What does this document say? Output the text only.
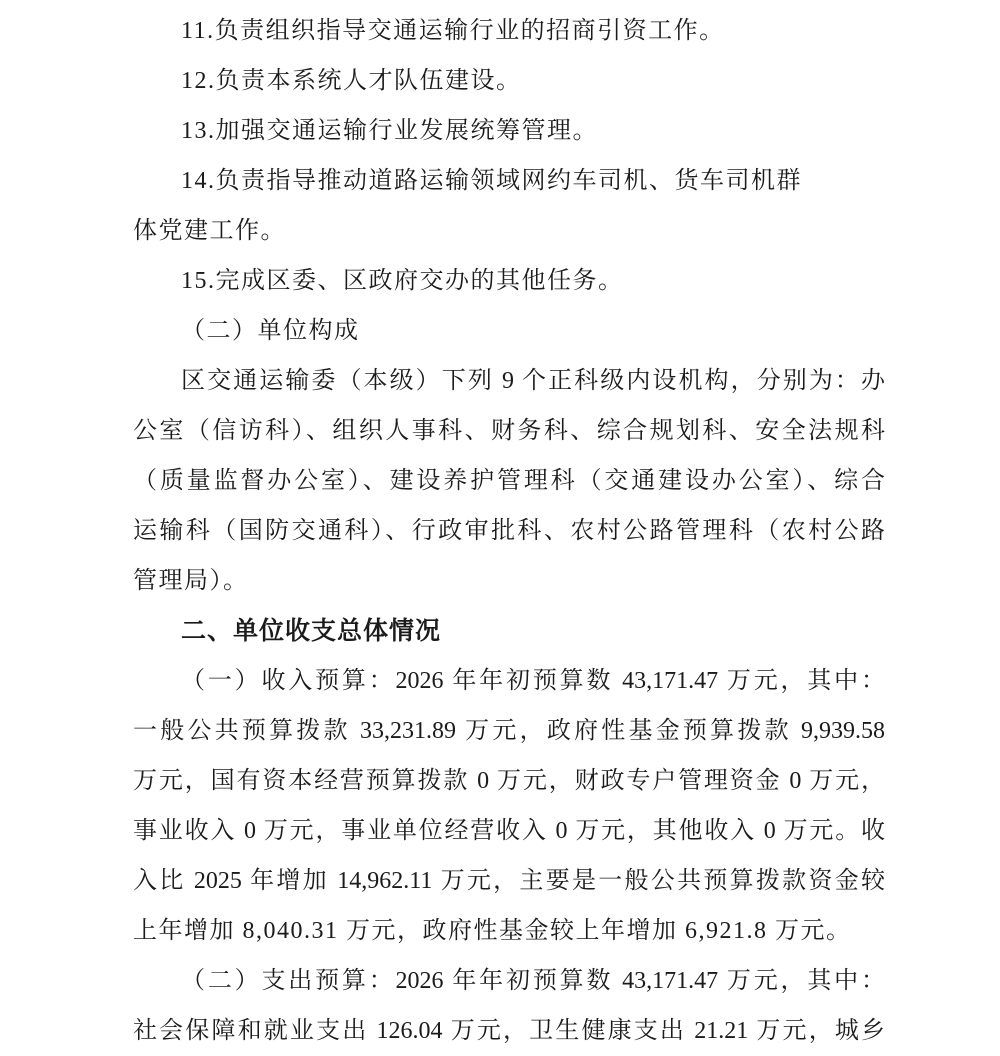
11.负责组织指导交通运输行业的招商引资工作。
12.负责本系统人才队伍建设。
13.加强交通运输行业发展统筹管理。
14.负责指导推动道路运输领域网约车司机、货车司机群
体党建工作。
15.完成区委、区政府交办的其他任务。
（二）单位构成
区交通运输委（本级）下列 9 个正科级内设机构，分别为：办
公室（信访科）、组织人事科、财务科、综合规划科、安全法规科
（质量监督办公室）、建设养护管理科（交通建设办公室）、综合
运输科（国防交通科）、行政审批科、农村公路管理科（农村公路
管理局）。
二、单位收支总体情况
（一）收入预算：2026 年年初预算数 43,171.47 万元，其中：
一般公共预算拨款 33,231.89 万元，政府性基金预算拨款 9,939.58
万元，国有资本经营预算拨款 0 万元，财政专户管理资金 0 万元，
事业收入 0 万元，事业单位经营收入 0 万元，其他收入 0 万元。收
入比 2025 年增加 14,962.11 万元，主要是一般公共预算拨款资金较
上年增加 8,040.31 万元，政府性基金较上年增加 6,921.8 万元。
（二）支出预算：2026 年年初预算数 43,171.47 万元，其中：
社会保障和就业支出 126.04 万元，卫生健康支出 21.21 万元，城乡
